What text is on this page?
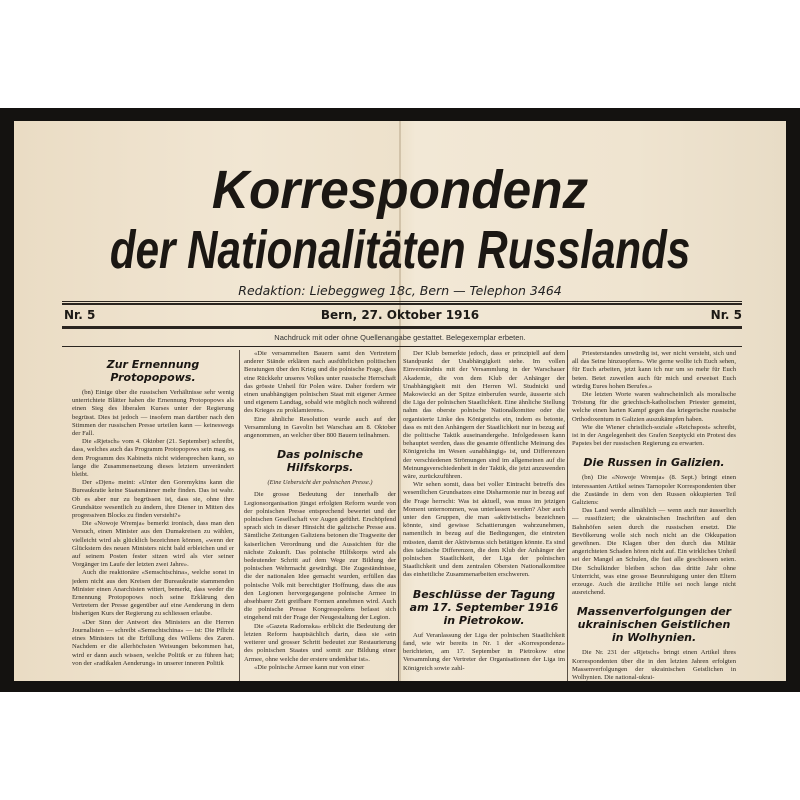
Korrespondenz
der Nationalitäten Russlands
Redaktion: Liebeggweg 18c, Bern — Telephon 3464
Nr. 5	Bern, 27. Oktober 1916	Nr. 5
Nachdruck mit oder ohne Quellenangabe gestattet. Belegexemplar erbeten.
Zur Ernennung Protopopows.

(bn) Einige über die russischen Verhältnisse sehr wenig unterrichtete Blätter haben die Ernennung Protopopows als einen Sieg des liberalen Kurses unter der Regierung begrüsst. Dies ist jedoch — insofern man darüber nach den Stimmen der russischen Presse urteilen kann — keineswegs der Fall.

Die «Rjetsch» vom 4. Oktober (21. September) schreibt, dass, welches auch das Programm Protopopows sein mag, es dem Programm des Kabinetts nicht widersprechen kann, so lange die Zusammensetzung dieses letztern unverändert bleibt.

Der «Djen» meint: «Unter den Goremykins kann die Bureaukratie keine Staatsmänner mehr finden. Das ist wahr. Ob es aber nur zu begrüssen ist, dass sie, ohne ihre Grundsätze wesentlich zu ändern, ihre Diener in Mitten des progressiven Blocks zu finden versteht?»

Die «Nowoje Wremja» bemerkt ironisch, dass man den Versuch, einen Minister aus den Dumakreisen zu wählen, vielleicht wird als glücklich bezeichnen können, «wenn der Glückstern des neuen Ministers nicht bald erbleichen und er auf seinem Posten fester sitzen wird als vier seiner Vorgänger im Laufe der letzten zwei Jahre».

Auch die reaktionäre «Semschtschina», welche sonst in jedem nicht aus den Kreisen der Bureaukratie stammenden Minister einen Anarchisten wittert, bemerkt, dass weder die Ernennung Protopopows noch seine Erklärung den Vertretern der Presse gegenüber auf eine Aenderung in dem bisherigen Kurs der Regierung zu schliessen erlaube.

«Der Sinn der Antwort des Ministers an die Herren Journalisten — schreibt «Semschtschina» — ist: Die Pflicht eines Ministers ist die Erfüllung des Willens des Zaren. Nachdem er die allerhöchsten Weisungen bekommen hat, wird er dann auch wissen, welche Politik er zu führen hat; von der «radikalen Aenderung» in unserer inneren Politik

«Die versammelten Bauern samt den Vertretern anderer Stände erklären nach ausführlichen politischen Beratungen über den Krieg und die polnische Frage, dass eine Rückkehr unseres Volkes unter russische Herrschaft das grösste Unheil für Polen wäre. Daher fordern wir einen unabhängigen polnischen Staat mit eigener Armee und eigenem Landtag, sobald wie möglich noch während des Krieges zu proklamieren».

Eine ähnliche Resolution wurde auch auf der Versammlung in Gavolin bei Warschau am 8. Oktober angenommen, an welcher über 800 Bauern teilnahmen.

Das polnische Hilfskorps.

(Eine Uebersicht der polnischen Presse.)

Die grosse Bedeutung der innerhalb der Legionsorganisation jüngst erfolgten Reform wurde von der polnischen Presse entsprechend bewertet und der polnischen Gesellschaft vor Augen geführt. Erschöpfend sprach sich in dieser Hinsicht die galizische Presse aus. Sämtliche Zeitungen Galiziens betonen die Tragweite der kaiserlichen Verordnung und die Aussichten für die nächste Zukunft. Das polnische Hilfskorps wird als bedeutender Schritt auf dem Wege zur Bildung der polnischen Wehrmacht gewürdigt. Die Zugeständnisse, die der nationalen Idee gemacht wurden, erfüllen das polnische Volk mit berechtigter Hoffnung, dass die aus den Legionen hervorgegangene polnische Armee in absehbarer Zeit greifbare Formen annehmen wird. Auch die polnische Presse Kongresspolens befasst sich eingehend mit der Frage der Neugestaltung der Legion.

Die «Gazeta Radomska» erblickt die Bedeutung der letzten Reform hauptsächlich darin, dass sie «ein weiterer und grosser Schritt bedeutet zur Restaurierung des polnischen Staates und somit zur Bildung einer Armee, ohne welche der erstere undenkbar ist».

«Die polnische Armee kann nur von einer

Der Klub bemerkte jedoch, dass er prinzipiell auf dem Standpunkt der Unabhängigkeit stehe. Im vollen Einverständnis mit der Versammlung in der Warschauer Akademie, die von dem Klub der Anhänger der Unabhängigkeit mit den Herren Wl. Studnicki und Makowiecki an der Spitze einberufen wurde, äusserte sich die Liga der polnischen Staatlichkeit. Eine ähnliche Stellung nahm das oberste polnische Nationalkomitee oder die organisierte Linke des Königreichs ein, indem es betonte, dass es mit den Anhängern der Staatlichkeit nur in bezug auf die politische Taktik auseinandergehe. Infolgedessen kann behauptet werden, dass die gesamte öffentliche Meinung des Königreichs im Wesen «unabhängig» ist, und Differenzen der verschiedenen Strömungen sind im allgemeinen auf die Meinungsverschiedenheit in der Taktik, die jetzt anzuwenden wäre, zurückzuführen.

Wir sehen somit, dass bei voller Eintracht betreffs des wesentlichen Grundsatzes eine Disharmonie nur in bezug auf die Frage herrscht: Was ist aktuell, was muss im jetzigen Moment unternommen, was unterlassen werden? Aber auch unter den Gruppen, die man «aktivistisch» bezeichnen könnte, sind gewisse Schattierungen wahrzunehmen, namentlich in bezug auf die Bedingungen, die eintreten müssten, damit der Aktivismus sich betätigen könnte. Es sind dies taktische Differenzen, die dem Klub der Anhänger der polnischen Staatlichkeit, der Liga der polnischen Staatlichkeit und dem zentralen Obersten Nationalkomitee das einheitliche Zusammenarbeiten erschweren.

Beschlüsse der Tagung am 17. September 1916 in Pietrokow.

Auf Veranlassung der Liga der polnischen Staatlichkeit fand, wie wir bereits in Nr. 1 der «Korrespondenz» berichteten, am 17. September in Pietrokow eine Versammlung der Vertreter der Organisationen der Liga im Königreich sowie zahl-

Priesterstandes unwürdig ist, wer nicht versteht, sich und all das Seine hinzuopfern». Wie gerne wollte ich Euch sehen, für Euch arbeiten, jetzt kann ich nur um so mehr für Euch beten. Betet zuweilen auch für mich und erweiset Euch würdig Eures hohen Berufes.»

Die letzten Worte waren wahrscheinlich als moralische Tröstung für die griechisch-katholischen Priester gemeint, welche einen harten Kampf gegen das kriegerische russische Orthodoxentum in Galizien auszukämpfen haben.

Wie die Wiener christlich-soziale «Reichspost» schreibt, ist in der Angelegenheit des Grafen Szeptycki ein Protest des Papstes bei der russischen Regierung zu erwarten.

Die Russen in Galizien.

(bn) Die «Nowoje Wremja» (8. Sept.) bringt einen interessanten Artikel seines Tarnopoler Korrespondenten über die Zustände in dem von den Russen okkupierten Teil Galiziens:

Das Land werde allmählich — wenn auch nur äusserlich — russifiziert; die ukrainischen Inschriften auf den Bahnhöfen seien durch die russischen ersetzt. Die Bevölkerung wolle sich noch nicht an die Okkupation gewöhnen. Die Klagen über den durch das Militär angerichteten Schaden hören nicht auf. Ein wirkliches Unheil sei der Mangel an Schulen, die fast alle geschlossen seien. Die Schulkinder bleiben schon das dritte Jahr ohne Unterricht, was eine grosse Beunruhigung unter den Eltern erzeuge. Auch die ärztliche Hilfe sei noch lange nicht ausreichend.

Massenverfolgungen der ukrainischen Geistlichen in Wolhynien.

Die Nr. 231 der «Rjetsch» bringt einen Artikel ihres Korrespondenten über die in den letzten Jahren erfolgten Massenverfolgungen der ukrainischen Geistlichen in Wolhynien. Die national-ukrai-
